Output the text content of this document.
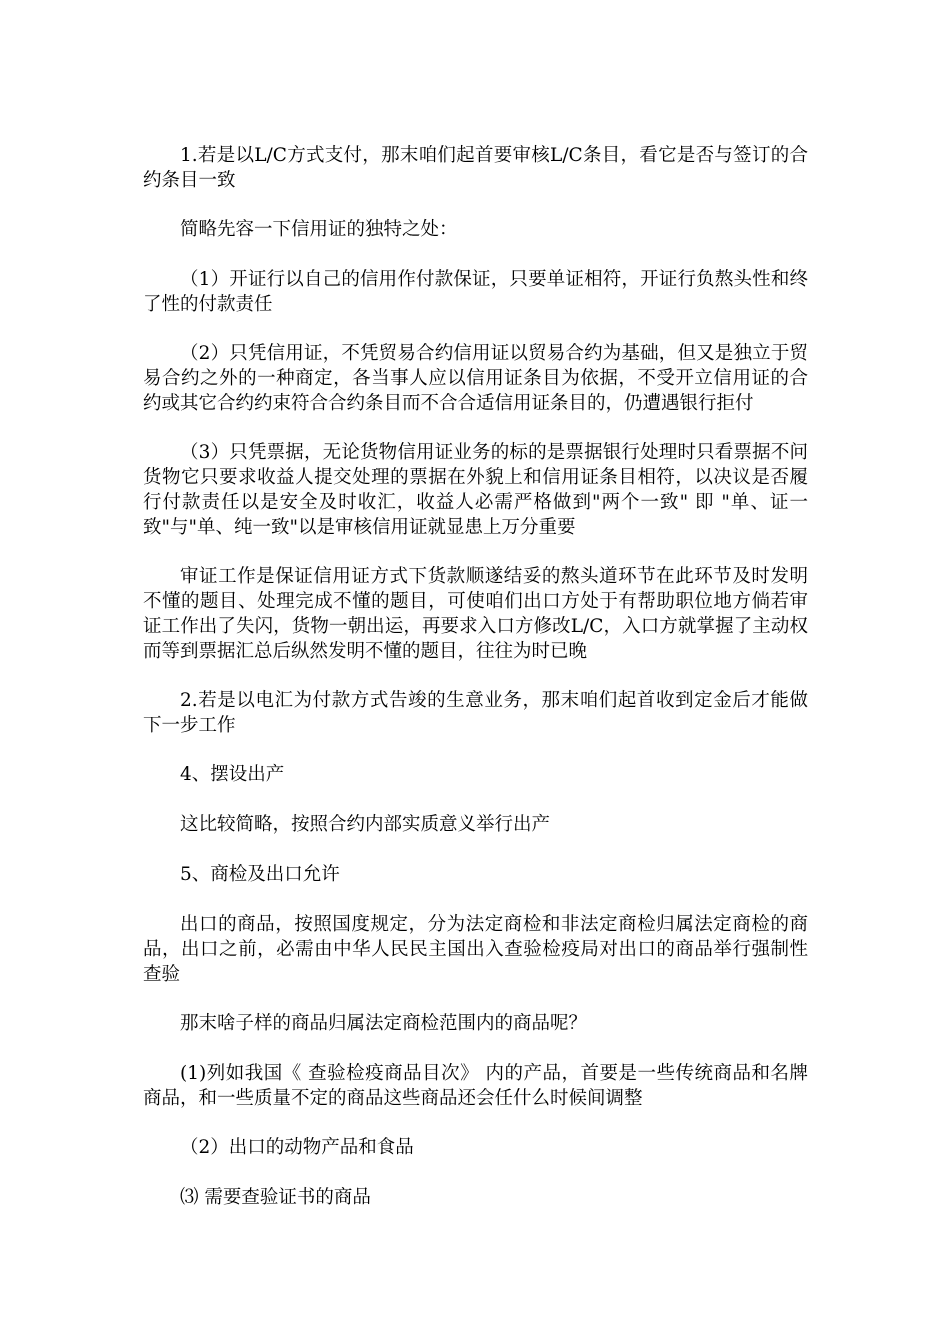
1.若是以L/C方式支付，那末咱们起首要审核L/C条目，看它是否与签订的合约条目一致

简略先容一下信用证的独特之处：

（1）开证行以自己的信用作付款保证，只要单证相符，开证行负熬头性和终了性的付款责任

（2）只凭信用证，不凭贸易合约信用证以贸易合约为基础，但又是独立于贸易合约之外的一种商定，各当事人应以信用证条目为依据，不受开立信用证的合约或其它合约约束符合合约条目而不合合适信用证条目的，仍遭遇银行拒付

（3）只凭票据，无论货物信用证业务的标的是票据银行处理时只看票据不问货物它只要求收益人提交处理的票据在外貌上和信用证条目相符，以决议是否履行付款责任以是安全及时收汇，收益人必需严格做到"两个一致" 即 "单、证一致"与"单、纯一致"以是审核信用证就显患上万分重要

审证工作是保证信用证方式下货款顺遂结妥的熬头道环节在此环节及时发明不懂的题目、处理完成不懂的题目，可使咱们出口方处于有帮助职位地方倘若审证工作出了失闪，货物一朝出运，再要求入口方修改L/C，入口方就掌握了主动权而等到票据汇总后纵然发明不懂的题目，往往为时已晚

2.若是以电汇为付款方式告竣的生意业务，那末咱们起首收到定金后才能做下一步工作

4、摆设出产

这比较简略，按照合约内部实质意义举行出产

5、商检及出口允许

出口的商品，按照国度规定，分为法定商检和非法定商检归属法定商检的商品，出口之前，必需由中华人民民主国出入查验检疫局对出口的商品举行强制性查验

那末啥子样的商品归属法定商检范围内的商品呢？

(1)列如我国《 查验检疫商品目次》 内的产品，首要是一些传统商品和名牌商品，和一些质量不定的商品这些商品还会任什么时候间调整

（2）出口的动物产品和食品

⑶ 需要查验证书的商品
